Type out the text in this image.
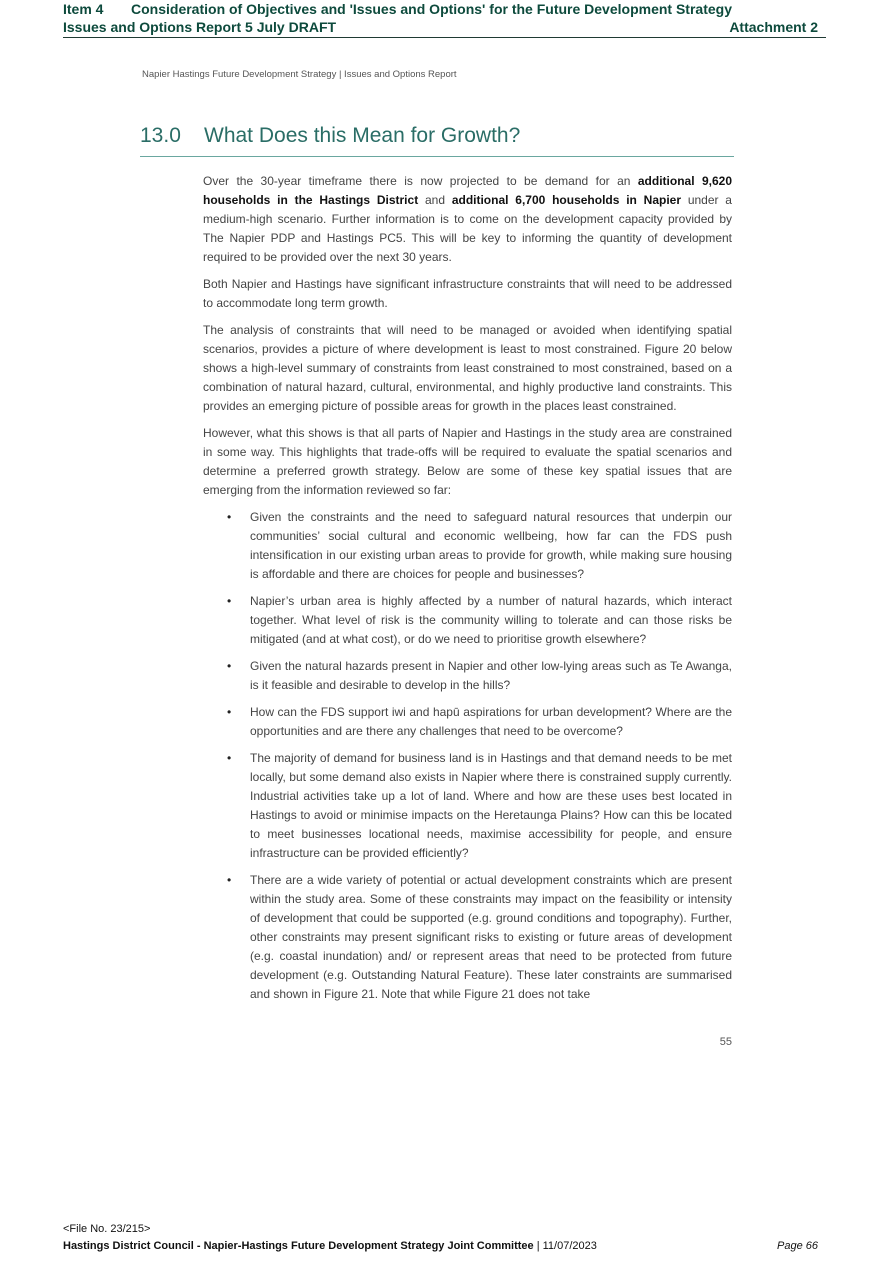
Item 4 Consideration of Objectives and 'Issues and Options' for the Future Development Strategy
Issues and Options Report 5 July DRAFT	Attachment 2
Napier Hastings Future Development Strategy | Issues and Options Report
13.0 What Does this Mean for Growth?

Over the 30-year timeframe there is now projected to be demand for an additional 9,620 households in the Hastings District and additional 6,700 households in Napier under a medium-high scenario. Further information is to come on the development capacity provided by The Napier PDP and Hastings PC5. This will be key to informing the quantity of development required to be provided over the next 30 years.

Both Napier and Hastings have significant infrastructure constraints that will need to be addressed to accommodate long term growth.

The analysis of constraints that will need to be managed or avoided when identifying spatial scenarios, provides a picture of where development is least to most constrained. Figure 20 below shows a high-level summary of constraints from least constrained to most constrained, based on a combination of natural hazard, cultural, environmental, and highly productive land constraints. This provides an emerging picture of possible areas for growth in the places least constrained.

However, what this shows is that all parts of Napier and Hastings in the study area are constrained in some way. This highlights that trade-offs will be required to evaluate the spatial scenarios and determine a preferred growth strategy. Below are some of these key spatial issues that are emerging from the information reviewed so far:

• Given the constraints and the need to safeguard natural resources that underpin our communities’ social cultural and economic wellbeing, how far can the FDS push intensification in our existing urban areas to provide for growth, while making sure housing is affordable and there are choices for people and businesses?
• Napier’s urban area is highly affected by a number of natural hazards, which interact together. What level of risk is the community willing to tolerate and can those risks be mitigated (and at what cost), or do we need to prioritise growth elsewhere?
• Given the natural hazards present in Napier and other low-lying areas such as Te Awanga, is it feasible and desirable to develop in the hills?
• How can the FDS support iwi and hapū aspirations for urban development? Where are the opportunities and are there any challenges that need to be overcome?
• The majority of demand for business land is in Hastings and that demand needs to be met locally, but some demand also exists in Napier where there is constrained supply currently. Industrial activities take up a lot of land. Where and how are these uses best located in Hastings to avoid or minimise impacts on the Heretaunga Plains? How can this be located to meet businesses locational needs, maximise accessibility for people, and ensure infrastructure can be provided efficiently?
• There are a wide variety of potential or actual development constraints which are present within the study area. Some of these constraints may impact on the feasibility or intensity of development that could be supported (e.g. ground conditions and topography). Further, other constraints may present significant risks to existing or future areas of development (e.g. coastal inundation) and/ or represent areas that need to be protected from future development (e.g. Outstanding Natural Feature). These later constraints are summarised and shown in Figure 21. Note that while Figure 21 does not take
55
<File No. 23/215>
Hastings District Council - Napier-Hastings Future Development Strategy Joint Committee | 11/07/2023	Page 66
